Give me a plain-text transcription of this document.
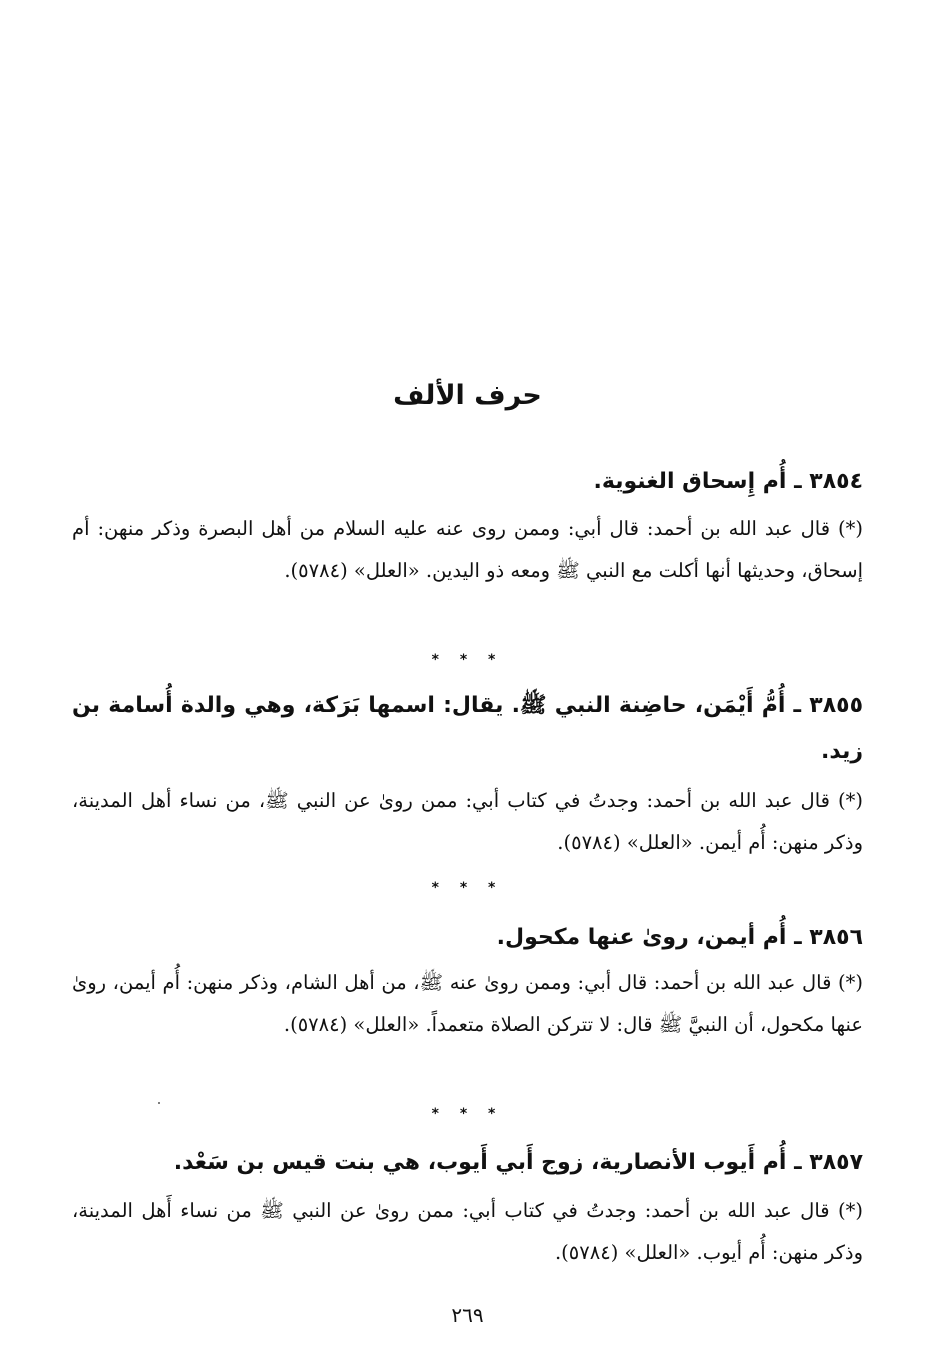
حرف الألف
٣٨٥٤ ـ أُم إِسحاق الغنوية.
(*) قال عبد الله بن أحمد: قال أبي: وممن روى عنه عليه السلام من أهل البصرة وذكر منهن: أم إسحاق، وحديثها أنها أكلت مع النبي ﷺ ومعه ذو اليدين. «العلل» (٥٧٨٤).
* * *
٣٨٥٥ ـ أُمُّ أَيْمَن، حاضِنة النبي ﷺ. يقال: اسمها بَرَكة، وهي والدة أُسامة بن زيد.
(*) قال عبد الله بن أحمد: وجدتُ في كتاب أبي: ممن روىٰ عن النبي ﷺ، من نساء أهل المدينة، وذكر منهن: أُم أيمن. «العلل» (٥٧٨٤).
* * *
٣٨٥٦ ـ أُم أيمن، روىٰ عنها مكحول.
(*) قال عبد الله بن أحمد: قال أبي: وممن روىٰ عنه ﷺ، من أهل الشام، وذكر منهن: أُم أيمن، روىٰ عنها مكحول، أن النبيَّ ﷺ قال: لا تتركن الصلاة متعمداً. «العلل» (٥٧٨٤).
* * *
٣٨٥٧ ـ أُم أَيوب الأنصارية، زوج أَبي أَيوب، هي بنت قيس بن سَعْد.
(*) قال عبد الله بن أحمد: وجدتُ في كتاب أبي: ممن روىٰ عن النبي ﷺ من نساء أَهل المدينة، وذكر منهن: أُم أيوب. «العلل» (٥٧٨٤).
٢٦٩
